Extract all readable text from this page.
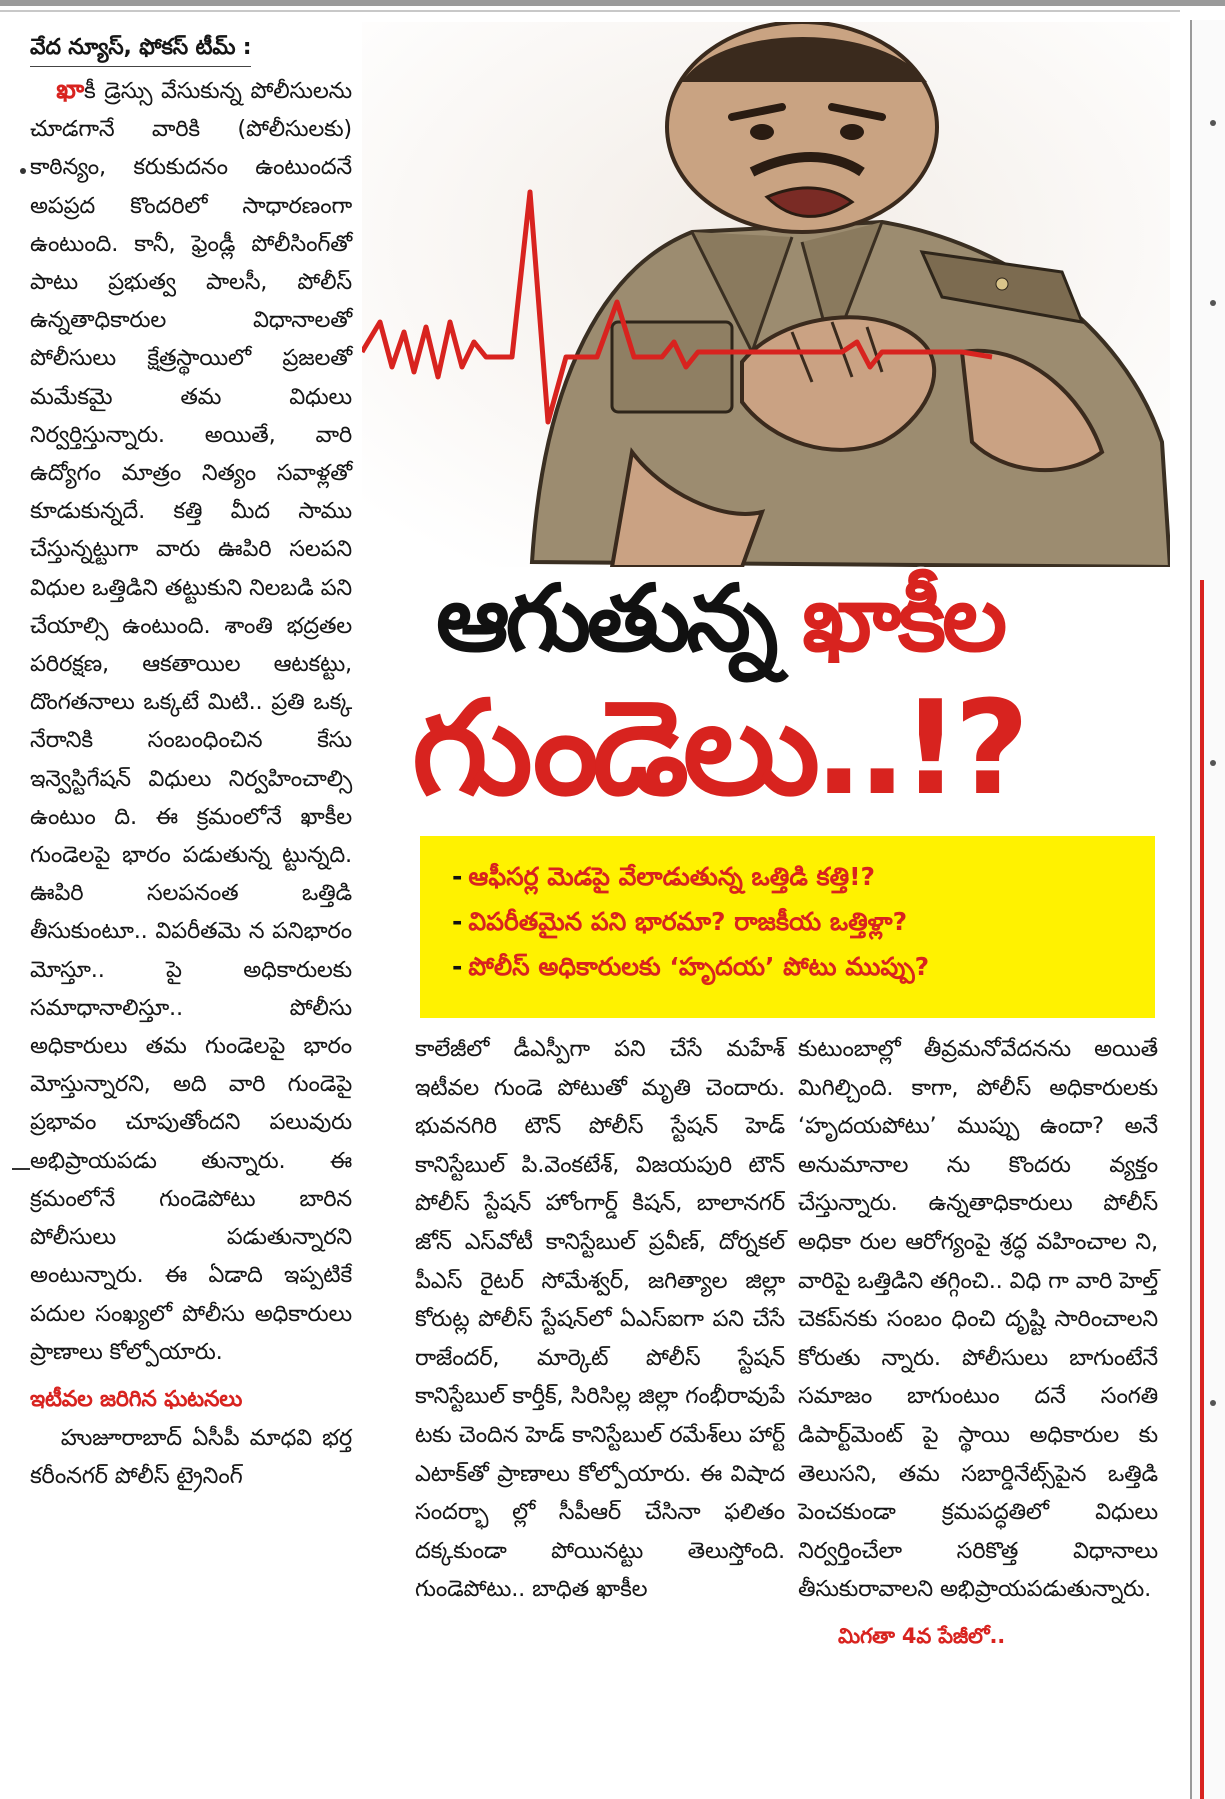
వేద న్యూస్, ఫోకస్ టీమ్ :

ఖాకీ డ్రెస్సు వేసుకున్న పోలీసులను చూడగానే వారికి (పోలీసులకు) కాఠిన్యం, కరుకుదనం ఉంటుందనే అపప్రద కొందరిలో సాధారణంగా ఉంటుంది. కానీ, ఫ్రెండ్లీ పోలీసింగ్‌తో పాటు ప్రభుత్వ పాలసీ, పోలీస్ ఉన్నతాధికారుల విధానాలతో పోలీసులు క్షేత్రస్థాయిలో ప్రజలతో మమేకమై తమ విధులు నిర్వర్తిస్తున్నారు. అయితే, వారి ఉద్యోగం మాత్రం నిత్యం సవాళ్లతో కూడుకున్నదే. కత్తి మీద సాము చేస్తున్నట్టుగా వారు ఊపిరి సలపని విధుల ఒత్తిడిని తట్టుకుని నిలబడి పని చేయాల్సి ఉంటుంది. శాంతి భద్రతల పరిరక్షణ, ఆకతాయిల ఆటకట్టు, దొంగతనాలు ఒక్కటే మిటి.. ప్రతి ఒక్క నేరానికి సంబంధించిన కేసు ఇన్వెస్టిగేషన్ విధులు నిర్వహించాల్సి ఉంటుం ది. ఈ క్రమంలోనే ఖాకీల గుండెలపై భారం పడుతున్న ట్టున్నది. ఊపిరి సలపనంత ఒత్తిడి తీసుకుంటూ.. విపరీతమె న పనిభారం మోస్తూ.. పై అధికారులకు సమాధానాలిస్తూ.. పోలీసు అధికారులు తమ గుండెలపై భారం మోస్తున్నారని, అది వారి గుండెపై ప్రభావం చూపుతోందని పలువురు అభిప్రాయపడు తున్నారు. ఈ క్రమంలోనే గుండెపోటు బారిన పోలీసులు పడుతున్నారని అంటున్నారు. ఈ ఏడాది ఇప్పటికే పదుల సంఖ్యలో పోలీసు అధికారులు ప్రాణాలు కోల్పోయారు.

ఇటీవల జరిగిన ఘటనలు

హుజూరాబాద్ ఏసీపీ మాధవి భర్త కరీంనగర్ పోలీస్ ట్రైనింగ్

ఆగుతున్న ఖాకీల
గుండెలు..!?
- ఆఫీసర్ల మెడపై వేలాడుతున్న ఒత్తిడి కత్తి!?
- విపరీతమైన పని భారమా? రాజకీయ ఒత్తిళ్లా?
- పోలీస్ అధికారులకు ‘హృదయ’ పోటు ముప్పు?

కాలేజీలో డీఎస్పీగా పని చేసే మహేశ్ ఇటీవల గుండె పోటుతో మృతి చెందారు. భువనగిరి టౌన్ పోలీస్ స్టేషన్ హెడ్ కానిస్టేబుల్ పి.వెంకటేశ్, విజయపురి టౌన్ పోలీస్ స్టేషన్ హోంగార్డ్ కిషన్, బాలానగర్ జోన్ ఎస్‌వోటీ కానిస్టేబుల్ ప్రవీణ్, దోర్నకల్ పీఎస్ రైటర్ సోమేశ్వర్, జగిత్యాల జిల్లా కోరుట్ల పోలీస్ స్టేషన్‌లో ఏఎస్ఐగా పని చేసే రాజేందర్, మార్కెట్ పోలీస్ స్టేషన్ కానిస్టేబుల్ కార్తీక్, సిరిసిల్ల జిల్లా గంభీరావుపే టకు చెందిన హెడ్ కానిస్టేబుల్ రమేశ్‌లు హార్ట్ ఎటాక్‌తో ప్రాణాలు కోల్పోయారు. ఈ విషాద సందర్భా ల్లో సీపీఆర్ చేసినా ఫలితం దక్కకుండా పోయినట్టు తెలుస్తోంది. గుండెపోటు.. బాధిత ఖాకీల

కుటుంబాల్లో తీవ్రమనోవేదనను అయితే మిగిల్చింది. కాగా, పోలీస్ అధికారులకు ‘హృదయపోటు’ ముప్పు ఉందా? అనే అనుమానాల ను కొందరు వ్యక్తం చేస్తున్నారు. ఉన్నతాధికారులు పోలీస్ అధికా రుల ఆరోగ్యంపై శ్రద్ధ వహించాల ని, వారిపై ఒత్తిడిని తగ్గించి.. విధి గా వారి హెల్త్ చెకప్‌నకు సంబం ధించి దృష్టి సారించాలని కోరుతు న్నారు. పోలీసులు బాగుంటేనే సమాజం బాగుంటుం దనే సంగతి డిపార్ట్‌మెంట్ పై స్థాయి అధికారుల కు తెలుసని, తమ సబార్డినేట్స్‌పైన ఒత్తిడి పెంచకుండా క్రమపద్ధతిలో విధులు నిర్వర్తించేలా సరికొత్త విధానాలు తీసుకురావాలని అభిప్రాయపడుతున్నారు.

మిగతా 4వ పేజీలో..
